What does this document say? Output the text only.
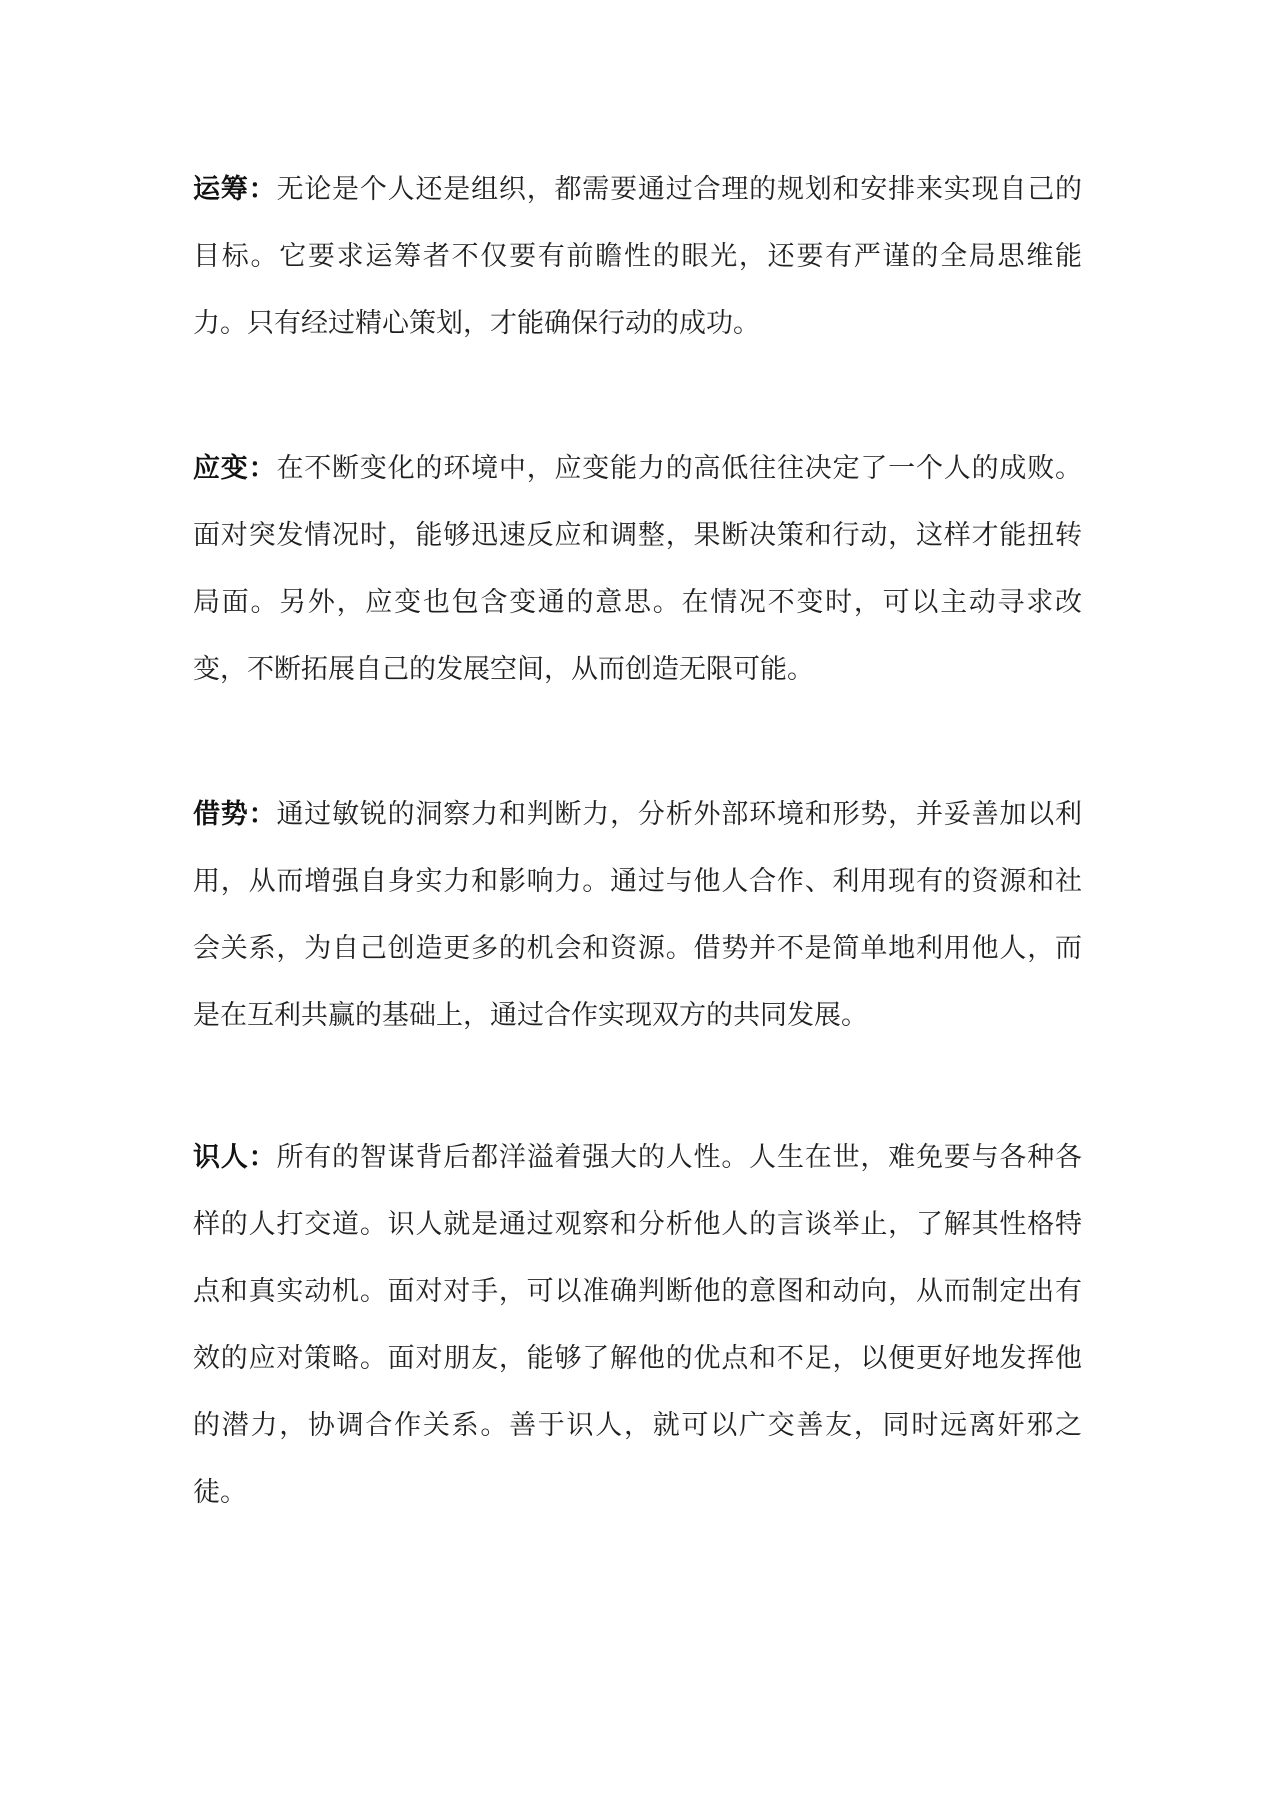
运筹：无论是个人还是组织，都需要通过合理的规划和安排来实现自己的目标。它要求运筹者不仅要有前瞻性的眼光，还要有严谨的全局思维能力。只有经过精心策划，才能确保行动的成功。

应变：在不断变化的环境中，应变能力的高低往往决定了一个人的成败。面对突发情况时，能够迅速反应和调整，果断决策和行动，这样才能扭转局面。另外，应变也包含变通的意思。在情况不变时，可以主动寻求改变，不断拓展自己的发展空间，从而创造无限可能。

借势：通过敏锐的洞察力和判断力，分析外部环境和形势，并妥善加以利用，从而增强自身实力和影响力。通过与他人合作、利用现有的资源和社会关系，为自己创造更多的机会和资源。借势并不是简单地利用他人，而是在互利共赢的基础上，通过合作实现双方的共同发展。

识人：所有的智谋背后都洋溢着强大的人性。人生在世，难免要与各种各样的人打交道。识人就是通过观察和分析他人的言谈举止，了解其性格特点和真实动机。面对对手，可以准确判断他的意图和动向，从而制定出有效的应对策略。面对朋友，能够了解他的优点和不足，以便更好地发挥他的潜力，协调合作关系。善于识人，就可以广交善友，同时远离奸邪之徒。
